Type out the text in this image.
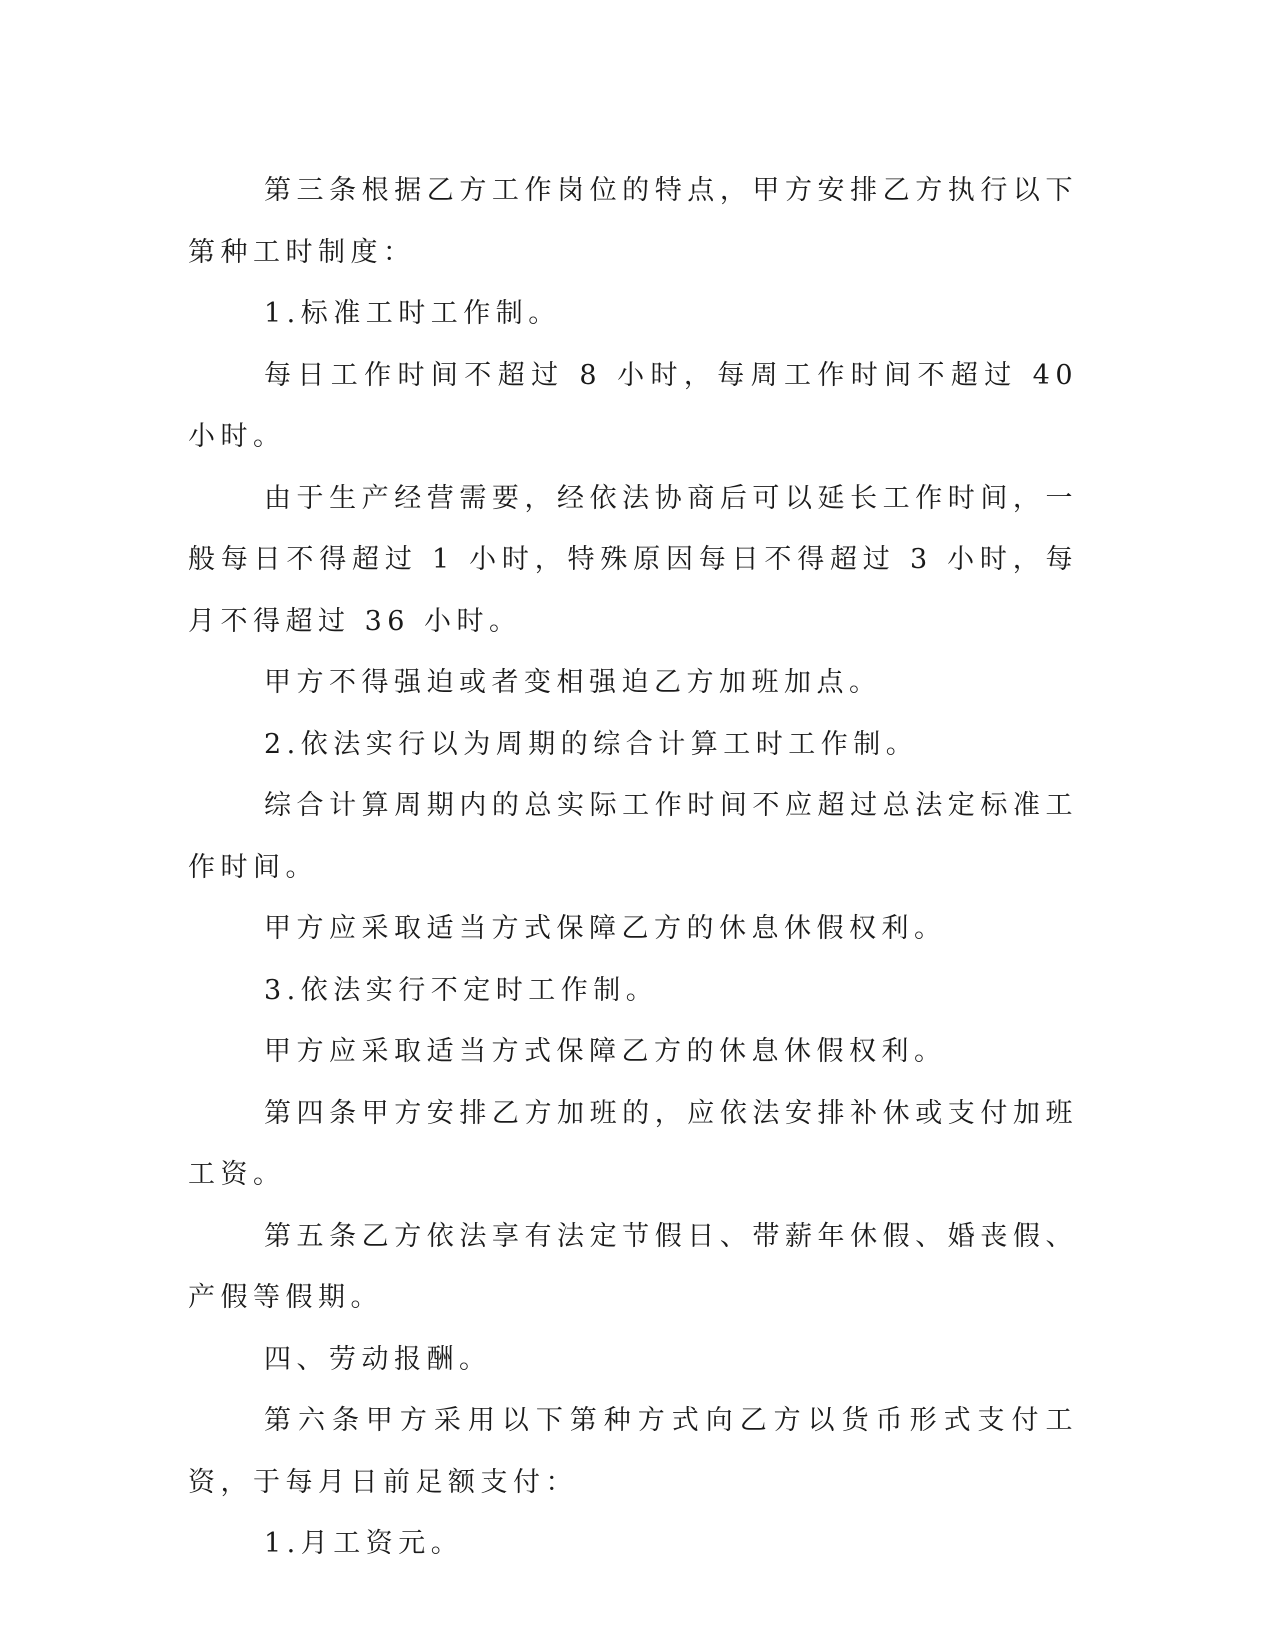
第三条根据乙方工作岗位的特点，甲方安排乙方执行以下第种工时制度：

1.标准工时工作制。

每日工作时间不超过 8 小时，每周工作时间不超过 40 小时。

由于生产经营需要，经依法协商后可以延长工作时间，一般每日不得超过 1 小时，特殊原因每日不得超过 3 小时，每月不得超过 36 小时。

甲方不得强迫或者变相强迫乙方加班加点。

2.依法实行以为周期的综合计算工时工作制。

综合计算周期内的总实际工作时间不应超过总法定标准工作时间。

甲方应采取适当方式保障乙方的休息休假权利。

3.依法实行不定时工作制。

甲方应采取适当方式保障乙方的休息休假权利。

第四条甲方安排乙方加班的，应依法安排补休或支付加班工资。

第五条乙方依法享有法定节假日、带薪年休假、婚丧假、产假等假期。

四、劳动报酬。

第六条甲方采用以下第种方式向乙方以货币形式支付工资，于每月日前足额支付：

1.月工资元。
